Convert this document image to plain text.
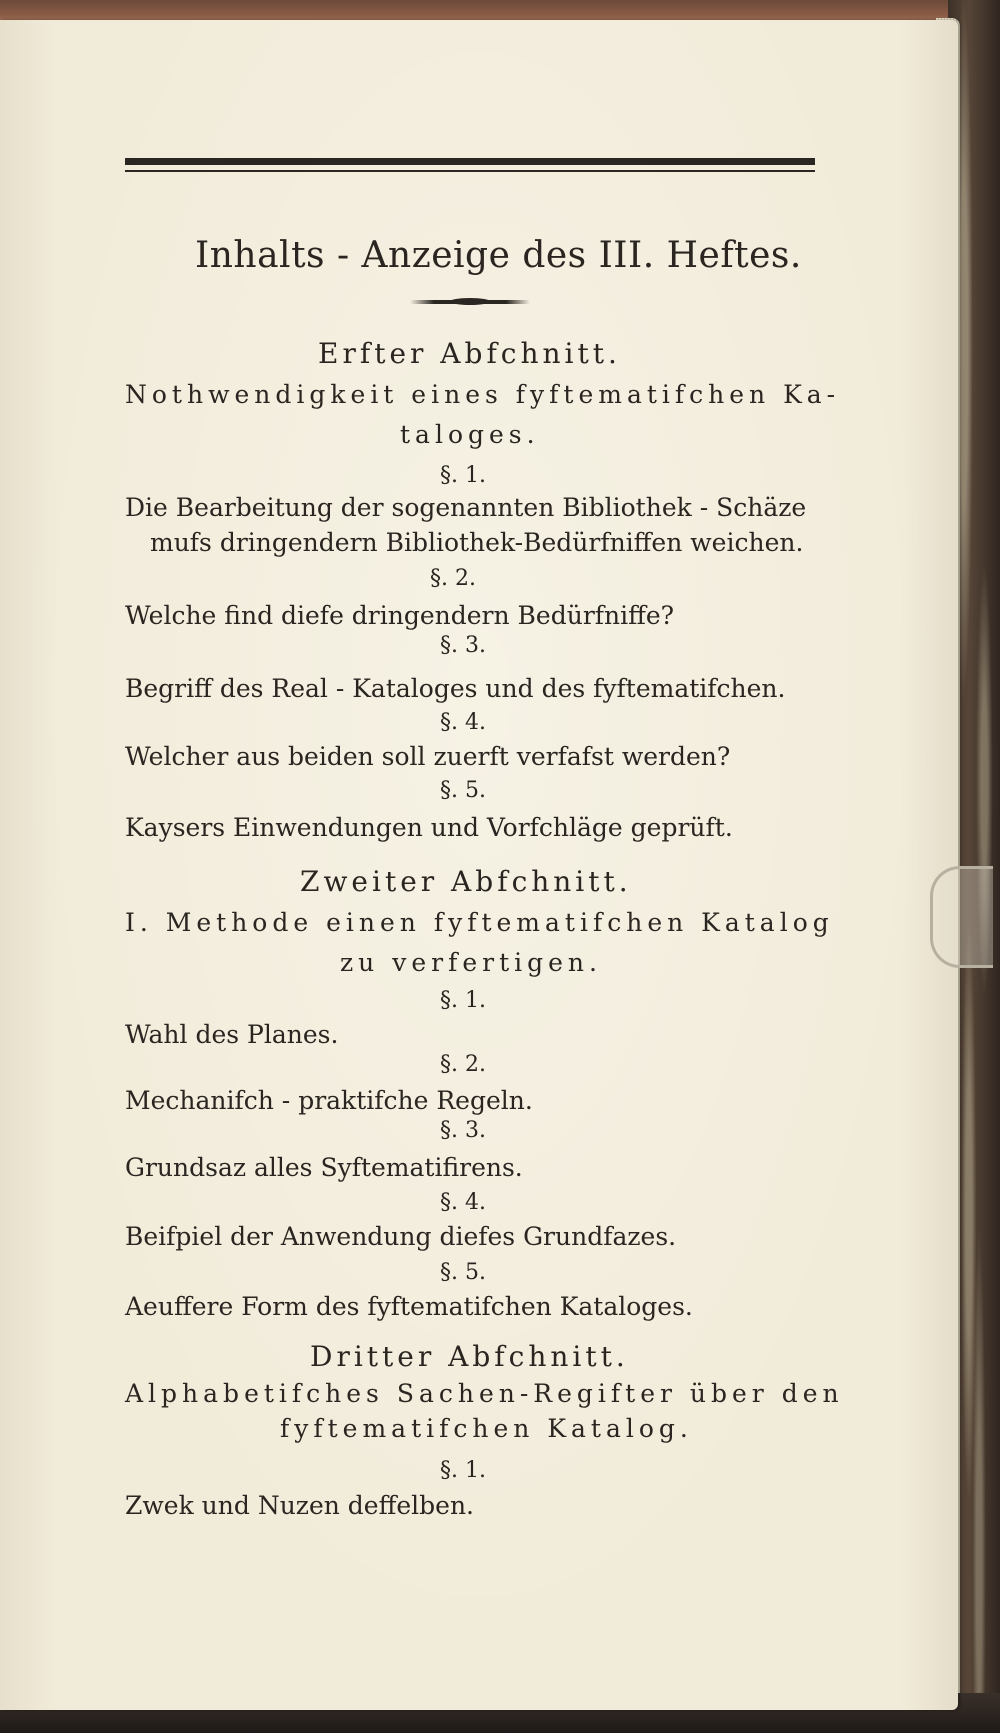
Inhalts - Anzeige des III. Heftes.
Erfter Abfchnitt.
Nothwendigkeit eines fyftematifchen Ka-
taloges.
§. 1.
Die Bearbeitung der sogenannten Bibliothek - Schäze
mufs dringendern Bibliothek-Bedürfniffen weichen.
§. 2.
Welche find diefe dringendern Bedürfniffe?
§. 3.
Begriff des Real - Kataloges und des fyftematifchen.
§. 4.
Welcher aus beiden soll zuerft verfafst werden?
§. 5.
Kaysers Einwendungen und Vorfchläge geprüft.
Zweiter Abfchnitt.
I. Methode einen fyftematifchen Katalog
zu verfertigen.
§. 1.
Wahl des Planes.
§. 2.
Mechanifch - praktifche Regeln.
§. 3.
Grundsaz alles Syftematifirens.
§. 4.
Beifpiel der Anwendung diefes Grundfazes.
§. 5.
Aeuffere Form des fyftematifchen Kataloges.
Dritter Abfchnitt.
Alphabetifches Sachen-Regifter über den
fyftematifchen Katalog.
§. 1.
Zwek und Nuzen deffelben.
